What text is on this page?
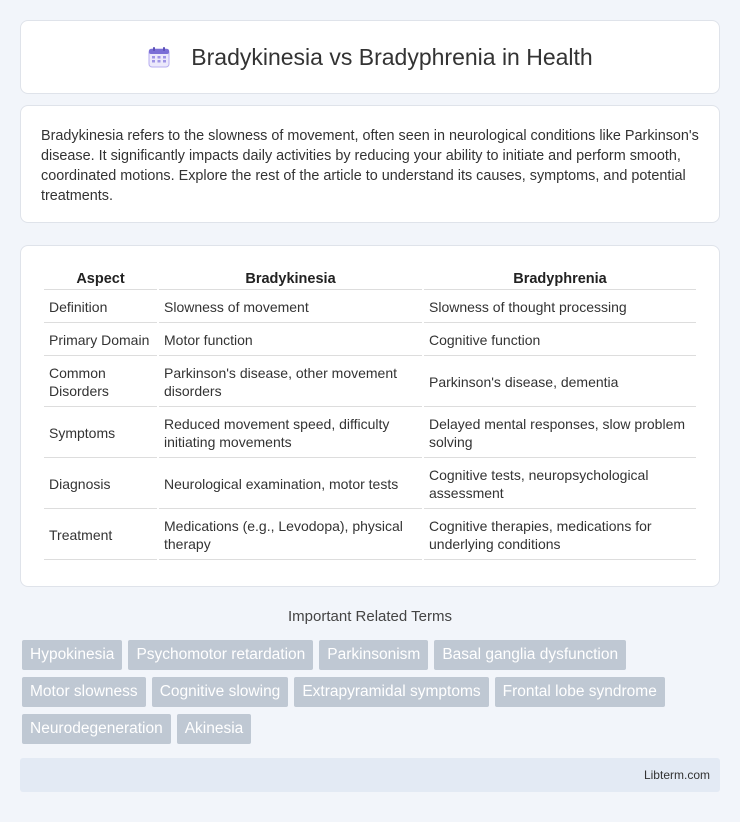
Bradykinesia vs Bradyphrenia in Health

Bradykinesia refers to the slowness of movement, often seen in neurological conditions like Parkinson's disease. It significantly impacts daily activities by reducing your ability to initiate and perform smooth, coordinated motions. Explore the rest of the article to understand its causes, symptoms, and potential treatments.

Aspect	Bradykinesia	Bradyphrenia
Definition	Slowness of movement	Slowness of thought processing
Primary Domain	Motor function	Cognitive function
Common Disorders	Parkinson's disease, other movement disorders	Parkinson's disease, dementia
Symptoms	Reduced movement speed, difficulty initiating movements	Delayed mental responses, slow problem solving
Diagnosis	Neurological examination, motor tests	Cognitive tests, neuropsychological assessment
Treatment	Medications (e.g., Levodopa), physical therapy	Cognitive therapies, medications for underlying conditions
Important Related Terms
Hypokinesia	Psychomotor retardation	Parkinsonism	Basal ganglia dysfunction
Motor slowness	Cognitive slowing	Extrapyramidal symptoms	Frontal lobe syndrome
Neurodegeneration	Akinesia
Libterm.com
